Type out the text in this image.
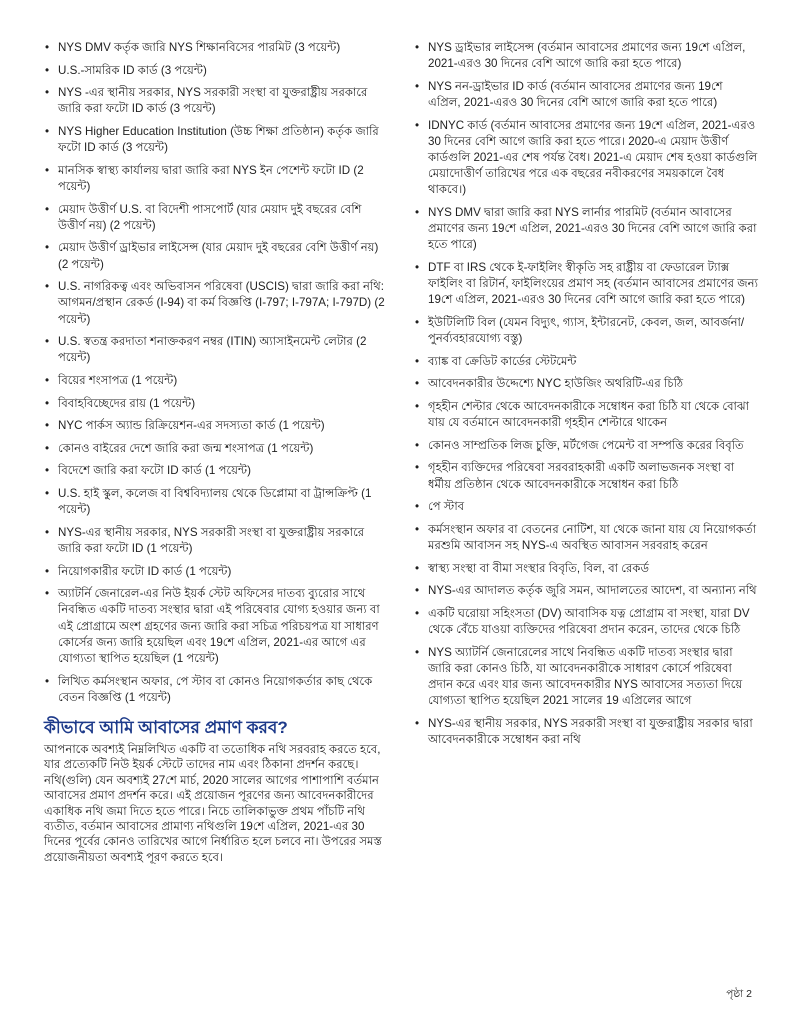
• NYS DMV কর্তৃক জারি NYS শিক্ষানবিসের পারমিট (3 পয়েন্ট)
• U.S.-সামরিক ID কার্ড (3 পয়েন্ট)
• NYS -এর স্থানীয় সরকার, NYS সরকারী সংস্থা বা যুক্তরাষ্ট্রীয় সরকারে জারি করা ফটো ID কার্ড (3 পয়েন্ট)
• NYS Higher Education Institution (উচ্চ শিক্ষা প্রতিষ্ঠান) কর্তৃক জারি ফটো ID কার্ড (3 পয়েন্ট)
• মানসিক স্বাস্থ্য কার্যালয় দ্বারা জারি করা NYS ইন পেশেন্ট ফটো ID (2 পয়েন্ট)
• মেয়াদ উত্তীর্ণ U.S. বা বিদেশী পাসপোর্ট (যার মেয়াদ দুই বছরের বেশি উত্তীর্ণ নয়) (2 পয়েন্ট)
• মেয়াদ উত্তীর্ণ ড্রাইভার লাইসেন্স (যার মেয়াদ দুই বছরের বেশি উত্তীর্ণ নয়) (2 পয়েন্ট)
• U.S. নাগরিকত্ব এবং অভিবাসন পরিষেবা (USCIS) দ্বারা জারি করা নথি: আগমন/প্রস্থান রেকর্ড (I-94) বা কর্ম বিজ্ঞপ্তি (I-797; I-797A; I-797D) (2 পয়েন্ট)
• U.S. স্বতন্ত্র করদাতা শনাক্তকরণ নম্বর (ITIN) অ্যাসাইনমেন্ট লেটার (2 পয়েন্ট)
• বিয়ের শংসাপত্র (1 পয়েন্ট)
• বিবাহবিচ্ছেদের রায় (1 পয়েন্ট)
• NYC পার্কস অ্যান্ড রিক্রিয়েশন-এর সদস্যতা কার্ড (1 পয়েন্ট)
• কোনও বাইরের দেশে জারি করা জন্ম শংসাপত্র (1 পয়েন্ট)
• বিদেশে জারি করা ফটো ID কার্ড (1 পয়েন্ট)
• U.S. হাই স্কুল, কলেজ বা বিশ্ববিদ্যালয় থেকে ডিপ্লোমা বা ট্রান্সক্রিপ্ট (1 পয়েন্ট)
• NYS-এর স্থানীয় সরকার, NYS সরকারী সংস্থা বা যুক্তরাষ্ট্রীয় সরকারে জারি করা ফটো ID (1 পয়েন্ট)
• নিয়োগকারীর ফটো ID কার্ড (1 পয়েন্ট)
• অ্যাটর্নি জেনারেল-এর নিউ ইয়র্ক স্টেট অফিসের দাতব্য ব্যুরোর সাথে নিবন্ধিত একটি দাতব্য সংস্থার দ্বারা এই পরিষেবার যোগ্য হওয়ার জন্য বা এই প্রোগ্রামে অংশ গ্রহণের জন্য জারি করা সচিত্র পরিচয়পত্র যা সাধারণ কোর্সের জন্য জারি হয়েছিল এবং 19শে এপ্রিল, 2021-এর আগে এর যোগ্যতা স্থাপিত হয়েছিল (1 পয়েন্ট)
• লিখিত কর্মসংস্থান অফার, পে স্টাব বা কোনও নিয়োগকর্তার কাছ থেকে বেতন বিজ্ঞপ্তি (1 পয়েন্ট)
কীভাবে আমি আবাসের প্রমাণ করব?

আপনাকে অবশ্যই নিম্নলিখিত একটি বা ততোধিক নথি সরবরাহ করতে হবে, যার প্রত্যেকটি নিউ ইয়র্ক স্টেটে তাদের নাম এবং ঠিকানা প্রদর্শন করছে। নথি(গুলি) যেন অবশ্যই 27শে মার্চ, 2020 সালের আগের পাশাপাশি বর্তমান আবাসের প্রমাণ প্রদর্শন করে। এই প্রয়োজন পূরণের জন্য আবেদনকারীদের একাধিক নথি জমা দিতে হতে পারে। নিচে তালিকাভুক্ত প্রথম পাঁচটি নথি ব্যতীত, বর্তমান আবাসের প্রামাণ্য নথিগুলি 19শে এপ্রিল, 2021-এর 30 দিনের পূর্বের কোনও তারিখের আগে নির্ধারিত হলে চলবে না। উপরের সমস্ত প্রয়োজনীয়তা অবশ্যই পূরণ করতে হবে।

• NYS ড্রাইভার লাইসেন্স (বর্তমান আবাসের প্রমাণের জন্য 19শে এপ্রিল, 2021-এরও 30 দিনের বেশি আগে জারি করা হতে পারে)
• NYS নন-ড্রাইভার ID কার্ড (বর্তমান আবাসের প্রমাণের জন্য 19শে এপ্রিল, 2021-এরও 30 দিনের বেশি আগে জারি করা হতে পারে)
• IDNYC কার্ড (বর্তমান আবাসের প্রমাণের জন্য 19শে এপ্রিল, 2021-এরও 30 দিনের বেশি আগে জারি করা হতে পারে। 2020-এ মেয়াদ উত্তীর্ণ কার্ডগুলি 2021-এর শেষ পর্যন্ত বৈধ। 2021-এ মেয়াদ শেষ হওয়া কার্ডগুলি মেয়াদোত্তীর্ণ তারিখের পরে এক বছরের নবীকরণের সময়কালে বৈধ থাকবে।)
• NYS DMV দ্বারা জারি করা NYS লার্নার পারমিট (বর্তমান আবাসের প্রমাণের জন্য 19শে এপ্রিল, 2021-এরও 30 দিনের বেশি আগে জারি করা হতে পারে)
• DTF বা IRS থেকে ই-ফাইলিং স্বীকৃতি সহ রাষ্ট্রীয় বা ফেডারেল ট্যাক্স ফাইলিং বা রিটার্ন, ফাইলিংয়ের প্রমাণ সহ (বর্তমান আবাসের প্রমাণের জন্য 19শে এপ্রিল, 2021-এরও 30 দিনের বেশি আগে জারি করা হতে পারে)
• ইউটিলিটি বিল (যেমন বিদ্যুৎ, গ্যাস, ইন্টারনেট, কেবল, জল, আবর্জনা/পুনর্ব্যবহারযোগ্য বস্তু)
• ব্যাঙ্ক বা ক্রেডিট কার্ডের স্টেটমেন্ট
• আবেদনকারীর উদ্দেশ্যে NYC হাউজিং অথরিটি-এর চিঠি
• গৃহহীন শেল্টার থেকে আবেদনকারীকে সম্বোধন করা চিঠি যা থেকে বোঝা যায় যে বর্তমানে আবেদনকারী গৃহহীন শেল্টারে থাকেন
• কোনও সাম্প্রতিক লিজ চুক্তি, মর্টগেজ পেমেন্ট বা সম্পত্তি করের বিবৃতি
• গৃহহীন ব্যক্তিদের পরিষেবা সরবরাহকারী একটি অলাভজনক সংস্থা বা ধর্মীয় প্রতিষ্ঠান থেকে আবেদনকারীকে সম্বোধন করা চিঠি
• পে স্টাব
• কর্মসংস্থান অফার বা বেতনের নোটিশ, যা থেকে জানা যায় যে নিয়োগকর্তা মরশুমি আবাসন সহ NYS-এ অবস্থিত আবাসন সরবরাহ করেন
• স্বাস্থ্য সংস্থা বা বীমা সংস্থার বিবৃতি, বিল, বা রেকর্ড
• NYS-এর আদালত কর্তৃক জুরি সমন, আদালতের আদেশ, বা অন্যান্য নথি
• একটি ঘরোয়া সহিংসতা (DV) আবাসিক যত্ন প্রোগ্রাম বা সংস্থা, যারা DV থেকে বেঁচে যাওয়া ব্যক্তিদের পরিষেবা প্রদান করেন, তাদের থেকে চিঠি
• NYS অ্যাটর্নি জেনারেলের সাথে নিবন্ধিত একটি দাতব্য সংস্থার দ্বারা জারি করা কোনও চিঠি, যা আবেদনকারীকে সাধারণ কোর্সে পরিষেবা প্রদান করে এবং যার জন্য আবেদনকারীর NYS আবাসের সত্যতা দিয়ে যোগ্যতা স্থাপিত হয়েছিল 2021 সালের 19 এপ্রিলের আগে
• NYS-এর স্থানীয় সরকার, NYS সরকারী সংস্থা বা যুক্তরাষ্ট্রীয় সরকার দ্বারা আবেদনকারীকে সম্বোধন করা নথি
পৃষ্ঠা 2
